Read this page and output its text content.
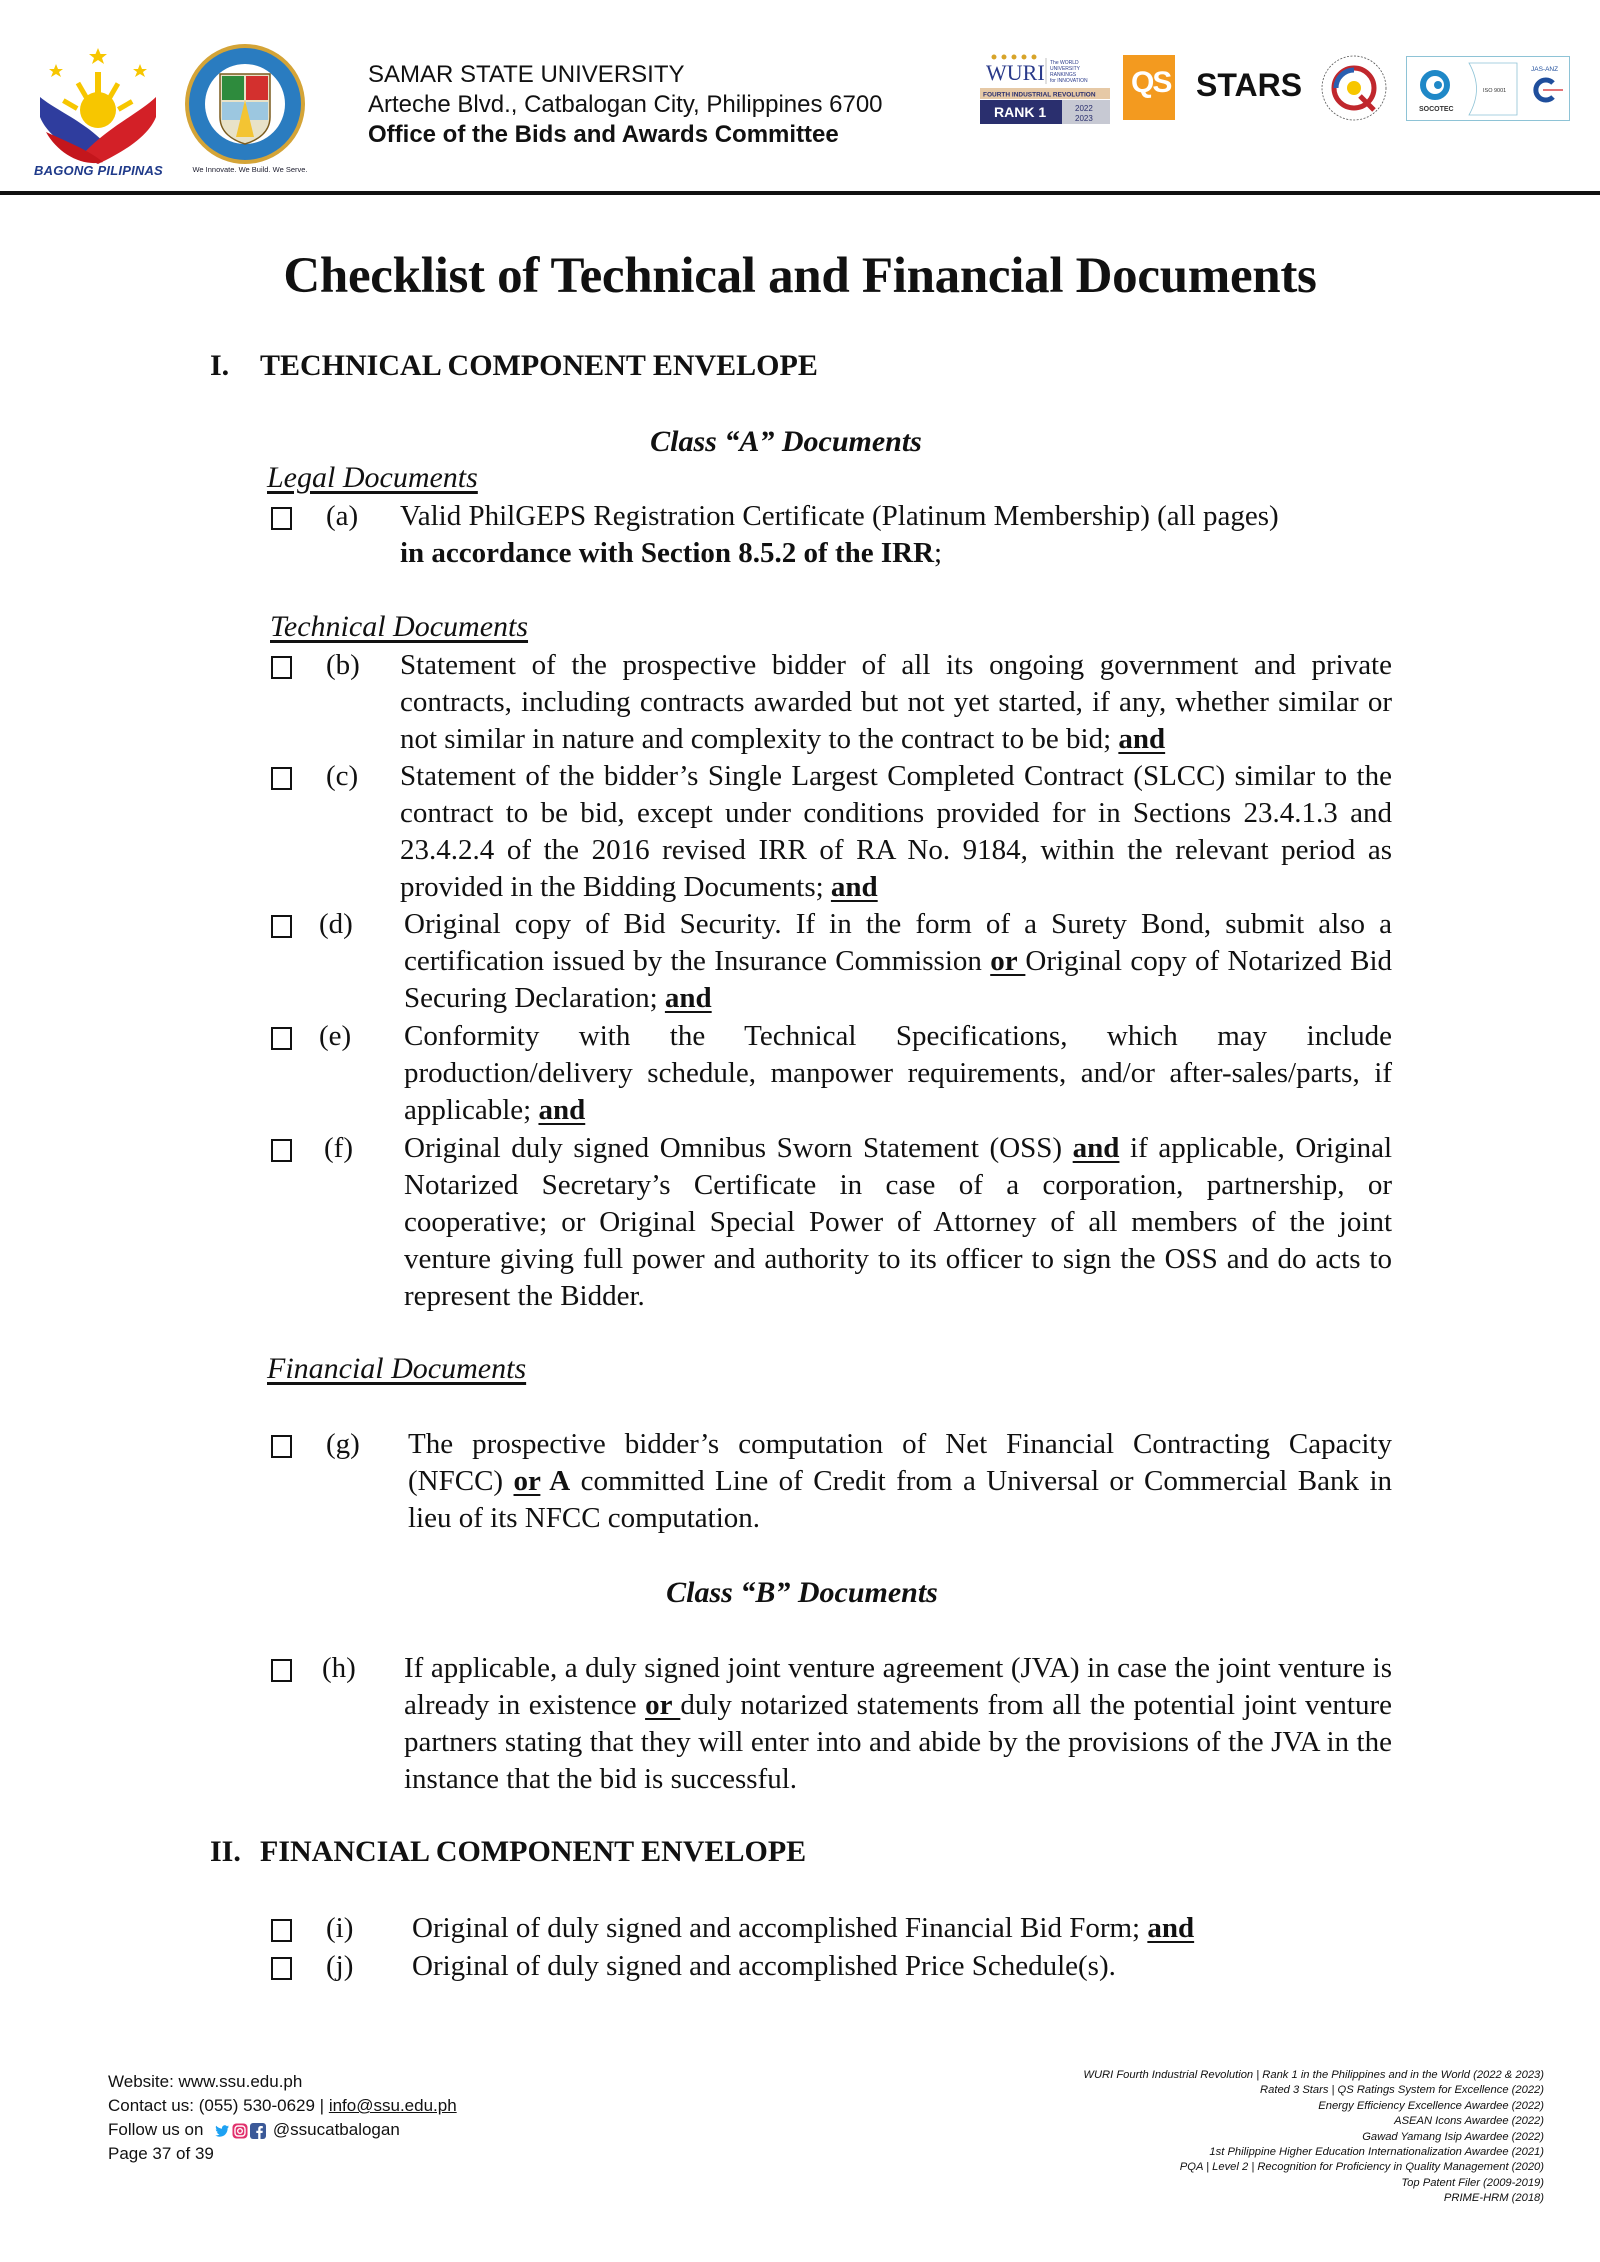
BAGONG PILIPINAS	We Innovate. We Build. We Serve.
SAMAR STATE UNIVERSITY
Arteche Blvd., Catbalogan City, Philippines 6700
Office of the Bids and Awards Committee
WURI The WORLD
UNIVERSITY
RANKINGS
for INNOVATION
FOURTH INDUSTRIAL REVOLUTION
RANK 1	2022
2023
QS STARS
SOCOTEC
ISO 9001
JAS-ANZ
Checklist of Technical and Financial Documents
I. TECHNICAL COMPONENT ENVELOPE
Class “A” Documents
Legal Documents
(a) Valid PhilGEPS Registration Certificate (Platinum Membership) (all pages)
in accordance with Section 8.5.2 of the IRR;
Technical Documents
(b) Statement of the prospective bidder of all its ongoing government and private contracts, including contracts awarded but not yet started, if any, whether similar or not similar in nature and complexity to the contract to be bid; and
(c) Statement of the bidder’s Single Largest Completed Contract (SLCC) similar to the contract to be bid, except under conditions provided for in Sections 23.4.1.3 and 23.4.2.4 of the 2016 revised IRR of RA No. 9184, within the relevant period as provided in the Bidding Documents; and
(d) Original copy of Bid Security. If in the form of a Surety Bond, submit also a certification issued by the Insurance Commission or Original copy of Notarized Bid Securing Declaration; and
(e) Conformity with the Technical Specifications, which may include production/delivery schedule, manpower requirements, and/or after-sales/parts, if applicable; and
(f) Original duly signed Omnibus Sworn Statement (OSS) and if applicable, Original Notarized Secretary’s Certificate in case of a corporation, partnership, or cooperative; or Original Special Power of Attorney of all members of the joint venture giving full power and authority to its officer to sign the OSS and do acts to represent the Bidder.
Financial Documents
(g) The prospective bidder’s computation of Net Financial Contracting Capacity (NFCC) or A committed Line of Credit from a Universal or Commercial Bank in lieu of its NFCC computation.
Class “B” Documents
(h) If applicable, a duly signed joint venture agreement (JVA) in case the joint venture is already in existence or duly notarized statements from all the potential joint venture partners stating that they will enter into and abide by the provisions of the JVA in the instance that the bid is successful.
II. FINANCIAL COMPONENT ENVELOPE
(i) Original of duly signed and accomplished Financial Bid Form; and
(j) Original of duly signed and accomplished Price Schedule(s).
Website: www.ssu.edu.ph
Contact us: (055) 530-0629 | info@ssu.edu.ph
Follow us on	@ssucatbalogan
Page 37 of 39
WURI Fourth Industrial Revolution | Rank 1 in the Philippines and in the World (2022 & 2023)
Rated 3 Stars | QS Ratings System for Excellence (2022)
Energy Efficiency Excellence Awardee (2022)
ASEAN Icons Awardee (2022)
Gawad Yamang Isip Awardee (2022)
1st Philippine Higher Education Internationalization Awardee (2021)
PQA | Level 2 | Recognition for Proficiency in Quality Management (2020)
Top Patent Filer (2009-2019)
PRIME-HRM (2018)
